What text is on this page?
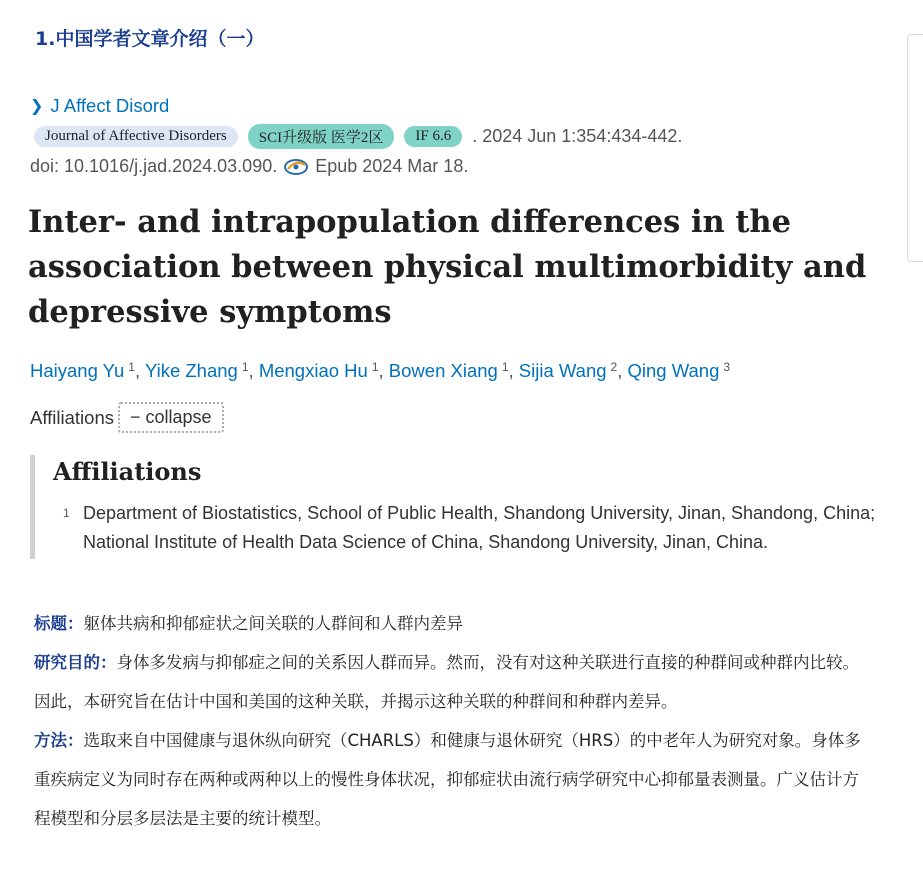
1.中国学者文章介绍（一）
❯ J Affect Disord
Journal of Affective Disorders	SCI升级版 医学2区	IF 6.6	. 2024 Jun 1:354:434-442.
doi: 10.1016/j.jad.2024.03.090. Epub 2024 Mar 18.
Inter- and intrapopulation differences in the association between physical multimorbidity and depressive symptoms
Haiyang Yu $^1$, Yike Zhang $^1$, Mengxiao Hu $^1$, Bowen Xiang $^1$, Sijia Wang $^2$, Qing Wang $^3$
Affiliations − collapse
Affiliations
1 Department of Biostatistics, School of Public Health, Shandong University, Jinan, Shandong, China; National Institute of Health Data Science of China, Shandong University, Jinan, China.

标题：躯体共病和抑郁症状之间关联的人群间和人群内差异

研究目的：身体多发病与抑郁症之间的关系因人群而异。然而，没有对这种关联进行直接的种群间或种群内比较。因此，本研究旨在估计中国和美国的这种关联，并揭示这种关联的种群间和种群内差异。

方法：选取来自中国健康与退休纵向研究（CHARLS）和健康与退休研究（HRS）的中老年人为研究对象。身体多重疾病定义为同时存在两种或两种以上的慢性身体状况，抑郁症状由流行病学研究中心抑郁量表测量。广义估计方程模型和分层多层法是主要的统计模型。
